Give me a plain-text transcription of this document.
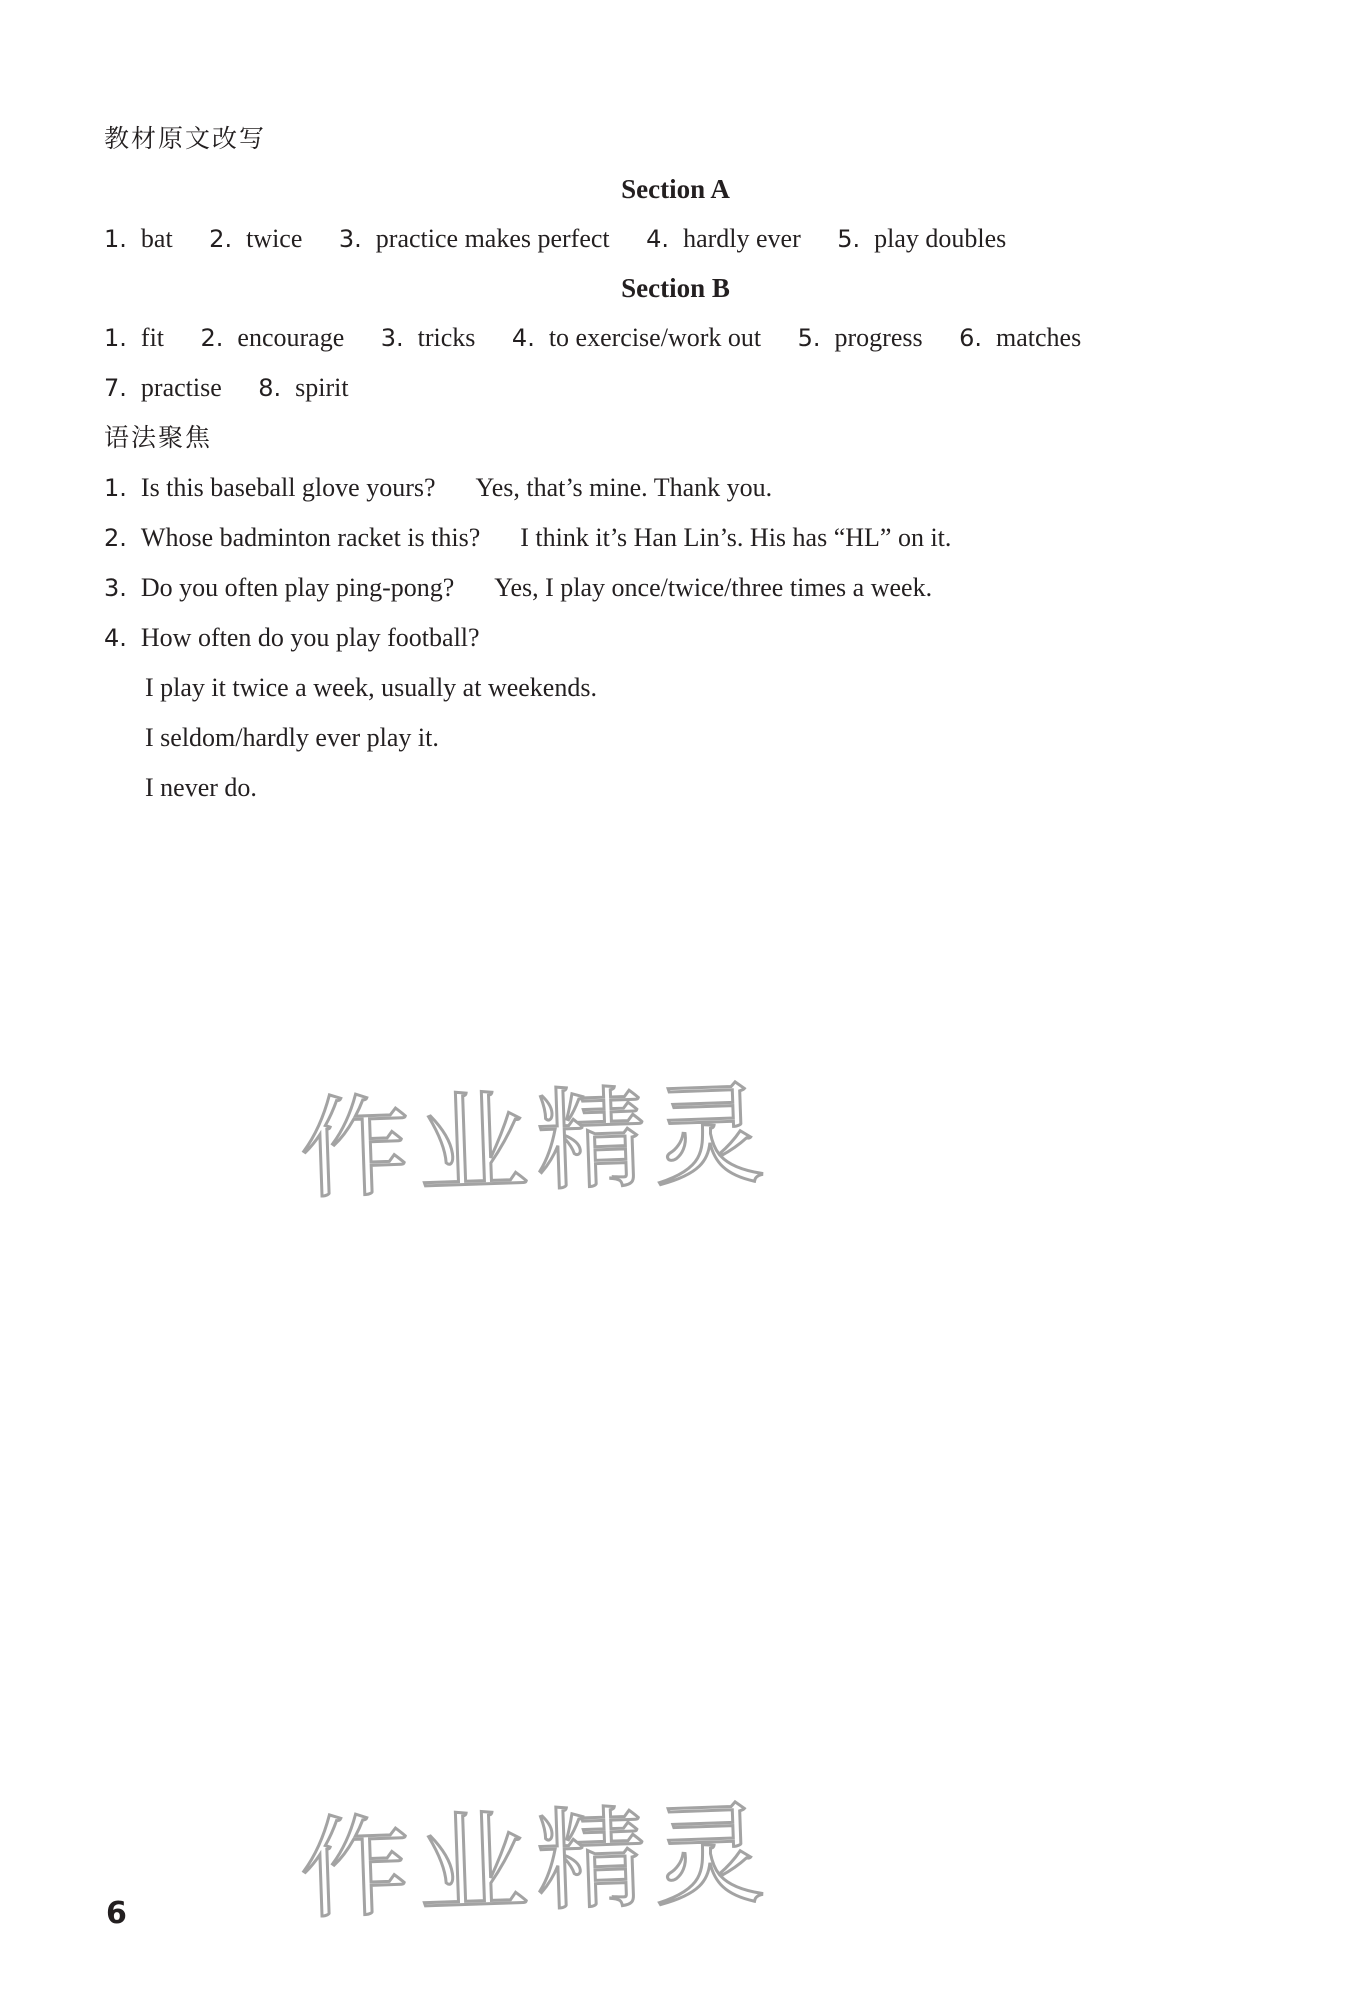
教材原文改写
Section A
1. bat 2. twice 3. practice makes perfect 4. hardly ever 5. play doubles
Section B
1. fit 2. encourage 3. tricks 4. to exercise/work out 5. progress 6. matches
7. practise 8. spirit
语法聚焦
1. Is this baseball glove yours? Yes, that’s mine. Thank you.
2. Whose badminton racket is this? I think it’s Han Lin’s. His has “HL” on it.
3. Do you often play ping-pong? Yes, I play once/twice/three times a week.
4. How often do you play football?
I play it twice a week, usually at weekends.
I seldom/hardly ever play it.
I never do.
作业精灵
作业精灵
6
